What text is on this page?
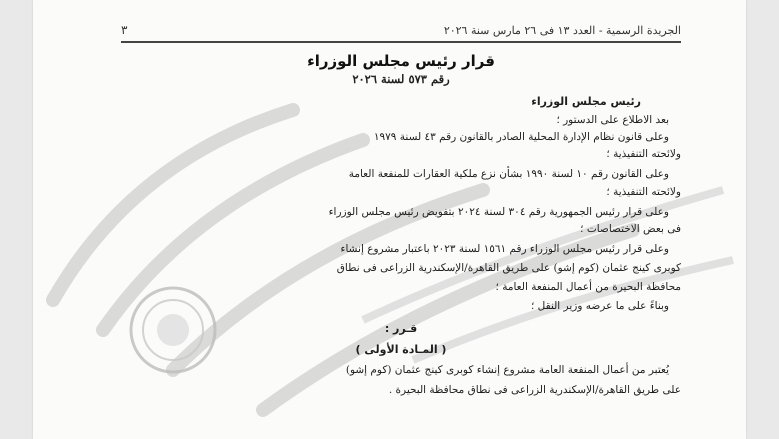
الجريدة الرسمية - العدد ١٣ فى ٢٦ مارس سنة ٢٠٢٦
٣
قرار رئيس مجلس الوزراء
رقم ٥٧٣ لسنة ٢٠٢٦
رئيس مجلس الوزراء
بعد الاطلاع على الدستور ؛
وعلى قانون نظام الإدارة المحلية الصادر بالقانون رقم ٤٣ لسنة ١٩٧٩
ولائحته التنفيذية ؛
وعلى القانون رقم ١٠ لسنة ١٩٩٠ بشأن نزع ملكية العقارات للمنفعة العامة
ولائحته التنفيذية ؛
وعلى قرار رئيس الجمهورية رقم ٣٠٤ لسنة ٢٠٢٤ بتفويض رئيس مجلس الوزراء
فى بعض الاختصاصات ؛
وعلى قرار رئيس مجلس الوزراء رقم ١٥٦١ لسنة ٢٠٢٣ باعتبار مشروع إنشاء
كوبرى كينج عثمان (كوم إشو) على طريق القاهرة/الإسكندرية الزراعى فى نطاق
محافظة البحيرة من أعمال المنفعة العامة ؛
وبناءً على ما عرضه وزير النقل ؛
قـرر :
( المـادة الأولى )
يُعتبر من أعمال المنفعة العامة مشروع إنشاء كوبرى كينج عثمان (كوم إشو)
على طريق القاهرة/الإسكندرية الزراعى فى نطاق محافظة البحيرة .
